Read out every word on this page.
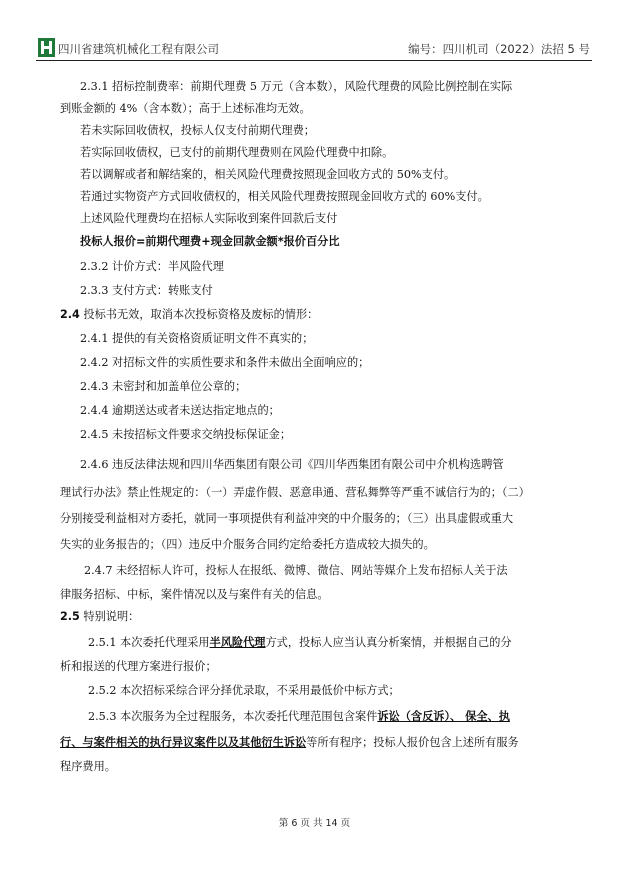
四川省建筑机械化工程有限公司	编号：四川机司（2022）法招 5 号
2.3.1 招标控制费率：前期代理费 5 万元（含本数），风险代理费的风险比例控制在实际
到账金额的 4%（含本数）；高于上述标准均无效。
若未实际回收债权，投标人仅支付前期代理费；
若实际回收债权，已支付的前期代理费则在风险代理费中扣除。
若以调解或者和解结案的，相关风险代理费按照现金回收方式的 50%支付。
若通过实物资产方式回收债权的，相关风险代理费按照现金回收方式的 60%支付。
上述风险代理费均在招标人实际收到案件回款后支付
投标人报价=前期代理费+现金回款金额*报价百分比
2.3.2 计价方式：半风险代理
2.3.3 支付方式：转账支付
2.4 投标书无效，取消本次投标资格及废标的情形：
2.4.1 提供的有关资格资质证明文件不真实的；
2.4.2 对招标文件的实质性要求和条件未做出全面响应的；
2.4.3 未密封和加盖单位公章的；
2.4.4 逾期送达或者未送达指定地点的；
2.4.5 未按招标文件要求交纳投标保证金；
2.4.6 违反法律法规和四川华西集团有限公司《四川华西集团有限公司中介机构选聘管
理试行办法》禁止性规定的：（一）弄虚作假、恶意串通、营私舞弊等严重不诚信行为的；（二）
分别接受利益相对方委托，就同一事项提供有利益冲突的中介服务的；（三）出具虚假或重大
失实的业务报告的；（四）违反中介服务合同约定给委托方造成较大损失的。
2.4.7 未经招标人许可，投标人在报纸、微博、微信、网站等媒介上发布招标人关于法
律服务招标、中标，案件情况以及与案件有关的信息。
2.5 特别说明：
2.5.1 本次委托代理采用半风险代理方式，投标人应当认真分析案情，并根据自己的分
析和报送的代理方案进行报价；
2.5.2 本次招标采综合评分择优录取，不采用最低价中标方式；
2.5.3 本次服务为全过程服务，本次委托代理范围包含案件诉讼（含反诉）、 保全、执
行、与案件相关的执行异议案件以及其他衍生诉讼等所有程序；投标人报价包含上述所有服务
程序费用。
第 6 页 共 14 页
